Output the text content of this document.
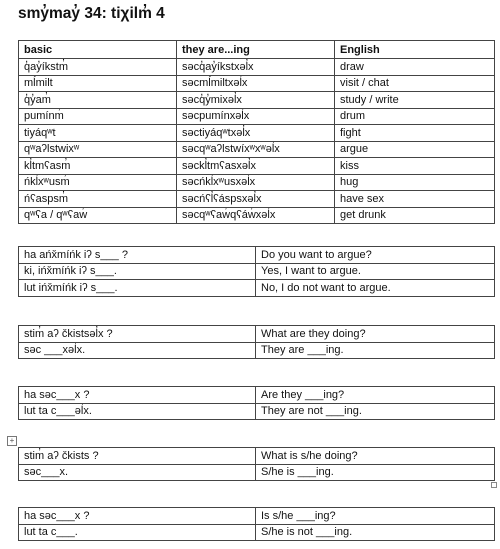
smy̓may̓ 34: tiχilm̓ 4
basic	they are...ing	English
q̓ay̓íkstm̓	səcq̓ay̓íkstxəl̓x	draw
mĺmilt	səcmĺmiltxəl̓x	visit / chat
q̓y̓am̓	səcq̓y̓mixəl̓x	study / write
pumínm̓	səcpumínxəl̓x	drum
tiyáqʷt	səctiyáqʷtxəl̓x	fight
qʷaʔlstwixʷ	səcqʷaʔlstwíxʷxʷəl̓x	argue
kl̓tmʕasm̓	səckl̓tmʕasxəl̓x	kiss
ńkl̓xʷusm̓	səcńkl̓xʷusxəl̓x	hug
ńʕaspsm̓	səcńʕl̓ʕáspsxəl̓x	have sex
qʷʕa / qʷʕaw̓	səcqʷʕaw̓qʕáw̓xəl̓x	get drunk
ha ańx̌míńk iʔ s___ ?	Do you want to argue?
ki, ińx̌míńk iʔ s___.	Yes, I want to argue.
lut ińx̌míńk iʔ s___.	No, I do not want to argue.
stim̓ aʔ čkistsəl̓x ?	What are they doing?
səc ___xəl̓x.	They are ___ing.
ha səc___x ?	Are they ___ing?
lut ta c___əl̓x.	They are not ___ing.
+
stim̓ aʔ čkists ?	What is s/he doing?
səc___x.	S/he is ___ing.
ha səc___x ?	Is s/he ___ing?
lut ta c___.	S/he is not ___ing.
